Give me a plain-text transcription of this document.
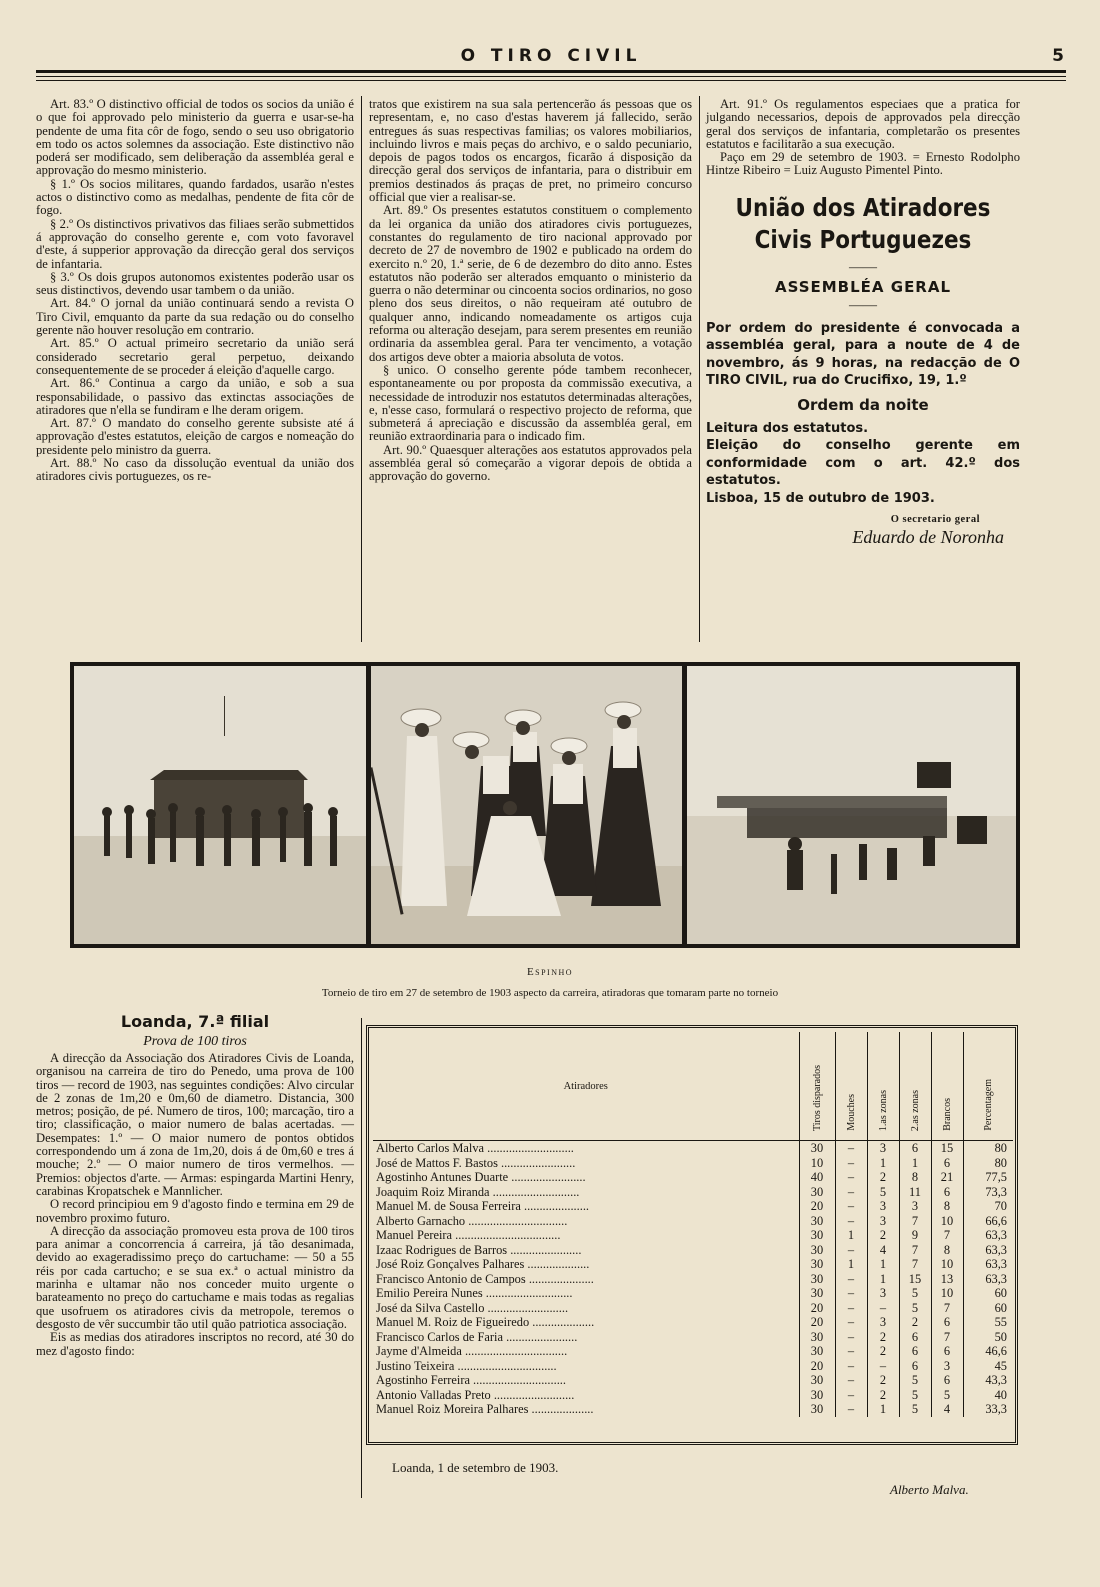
O TIRO CIVIL	5

Art. 83.º O distinctivo official de todos os socios da união é o que foi approvado pelo ministerio da guerra e usar-se-ha pendente de uma fita côr de fogo, sendo o seu uso obrigatorio em todo os actos solemnes da associação. Este distinctivo não poderá ser modificado, sem deliberação da assembléa geral e approvação do mesmo ministerio.

§ 1.º Os socios militares, quando fardados, usarão n'estes actos o distinctivo como as medalhas, pendente de fita côr de fogo.

§ 2.º Os distinctivos privativos das filiaes serão submettidos á approvação do conselho gerente e, com voto favoravel d'este, á supperior approvação da direcção geral dos serviços de infantaria.

§ 3.º Os dois grupos autonomos existentes poderão usar os seus distinctivos, devendo usar tambem o da união.

Art. 84.º O jornal da união continuará sendo a revista O Tiro Civil, emquanto da parte da sua redação ou do conselho gerente não houver resolução em contrario.

Art. 85.º O actual primeiro secretario da união será considerado secretario geral perpetuo, deixando consequentemente de se proceder á eleição d'aquelle cargo.

Art. 86.º Continua a cargo da união, e sob a sua responsabilidade, o passivo das extinctas associações de atiradores que n'ella se fundiram e lhe deram origem.

Art. 87.º O mandato do conselho gerente subsiste até á approvação d'estes estatutos, eleição de cargos e nomeação do presidente pelo ministro da guerra.

Art. 88.º No caso da dissolução eventual da união dos atiradores civis portuguezes, os re-

tratos que existirem na sua sala pertencerão ás pessoas que os representam, e, no caso d'estas haverem já fallecido, serão entregues ás suas respectivas familias; os valores mobiliarios, incluindo livros e mais peças do archivo, e o saldo pecuniario, depois de pagos todos os encargos, ficarão á disposição da direcção geral dos serviços de infantaria, para o distribuir em premios destinados ás praças de pret, no primeiro concurso official que vier a realisar-se.

Art. 89.º Os presentes estatutos constituem o complemento da lei organica da união dos atiradores civis portuguezes, constantes do regulamento de tiro nacional approvado por decreto de 27 de novembro de 1902 e publicado na ordem do exercito n.º 20, 1.ª serie, de 6 de dezembro do dito anno. Estes estatutos não poderão ser alterados emquanto o ministerio da guerra o não determinar ou cincoenta socios ordinarios, no goso pleno dos seus direitos, o não requeiram até outubro de qualquer anno, indicando nomeadamente os artigos cuja reforma ou alteração desejam, para serem presentes em reunião ordinaria da assemblea geral. Para ter vencimento, a votação dos artigos deve obter a maioria absoluta de votos.

§ unico. O conselho gerente póde tambem reconhecer, espontaneamente ou por proposta da commissão executiva, a necessidade de introduzir nos estatutos determinadas alterações, e, n'esse caso, formulará o respectivo projecto de reforma, que submeterá á apreciação e discussão da assembléa geral, em reunião extraordinaria para o indicado fim.

Art. 90.º Quaesquer alterações aos estatutos approvados pela assembléa geral só começarão a vigorar depois de obtida a approvação do governo.

Art. 91.º Os regulamentos especiaes que a pratica for julgando necessarios, depois de approvados pela direcção geral dos serviços de infantaria, completarão os presentes estatutos e facilitarão a sua execução.

Paço em 29 de setembro de 1903. = Ernesto Rodolpho Hintze Ribeiro = Luiz Augusto Pimentel Pinto.

União dos Atiradores Civis Portuguezes
——
ASSEMBLÉA GERAL
——
Por ordem do presidente é convocada a assembléa geral, para a noute de 4 de novembro, ás 9 horas, na redacção de O TIRO CIVIL, rua do Crucifixo, 19, 1.º
Ordem da noite
Leitura dos estatutos.
Eleição do conselho gerente em conformidade com o art. 42.º dos estatutos.
Lisboa, 15 de outubro de 1903.
O secretario geral
Eduardo de Noronha
Espinho
Torneio de tiro em 27 de setembro de 1903 aspecto da carreira, atiradoras que tomaram parte no torneio
Loanda, 7.ª filial
Prova de 100 tiros

A direcção da Associação dos Atiradores Civis de Loanda, organisou na carreira de tiro do Penedo, uma prova de 100 tiros — record de 1903, nas seguintes condições: Alvo circular de 2 zonas de 1m,20 e 0m,60 de diametro. Distancia, 300 metros; posição, de pé. Numero de tiros, 100; marcação, tiro a tiro; classificação, o maior numero de balas acertadas. — Desempates: 1.º — O maior numero de pontos obtidos correspondendo um á zona de 1m,20, dois á de 0m,60 e tres á mouche; 2.º — O maior numero de tiros vermelhos. — Premios: objectos d'arte. — Armas: espingarda Martini Henry, carabinas Kropatschek e Mannlicher.

O record principiou em 9 d'agosto findo e termina em 29 de novembro proximo futuro.

A direcção da associação promoveu esta prova de 100 tiros para animar a concorrencia á carreira, já tão desanimada, devido ao exageradissimo preço do cartuchame: — 50 a 55 réis por cada cartucho; e se sua ex.ª o actual ministro da marinha e ultamar não nos conceder muito urgente o barateamento no preço do cartuchame e mais todas as regalias que usofruem os atiradores civis da metropole, teremos o desgosto de vêr succumbir tão util quão patriotica associação.

Eis as medias dos atiradores inscriptos no record, até 30 do mez d'agosto findo:

Atiradores	Tiros disparados	Mouches	1.as zonas	2.as zonas	Brancos	Percentagem
Alberto Carlos Malva ............................	30	–	3	6	15	80
José de Mattos F. Bastos ........................	10	–	1	1	6	80
Agostinho Antunes Duarte ........................	40	–	2	8	21	77,5
Joaquim Roiz Miranda ............................	30	–	5	11	6	73,3
Manuel M. de Sousa Ferreira .....................	20	–	3	3	8	70
Alberto Garnacho ................................	30	–	3	7	10	66,6
Manuel Pereira ..................................	30	1	2	9	7	63,3
Izaac Rodrigues de Barros .......................	30	–	4	7	8	63,3
José Roiz Gonçalves Palhares ....................	30	1	1	7	10	63,3
Francisco Antonio de Campos .....................	30	–	1	15	13	63,3
Emilio Pereira Nunes ............................	30	–	3	5	10	60
José da Silva Castello ..........................	20	–	–	5	7	60
Manuel M. Roiz de Figueiredo ....................	20	–	3	2	6	55
Francisco Carlos de Faria .......................	30	–	2	6	7	50
Jayme d'Almeida .................................	30	–	2	6	6	46,6
Justino Teixeira ................................	20	–	–	6	3	45
Agostinho Ferreira ..............................	30	–	2	5	6	43,3
Antonio Valladas Preto ..........................	30	–	2	5	5	40
Manuel Roiz Moreira Palhares ....................	30	–	1	5	4	33,3
Loanda, 1 de setembro de 1903.
Alberto Malva.
